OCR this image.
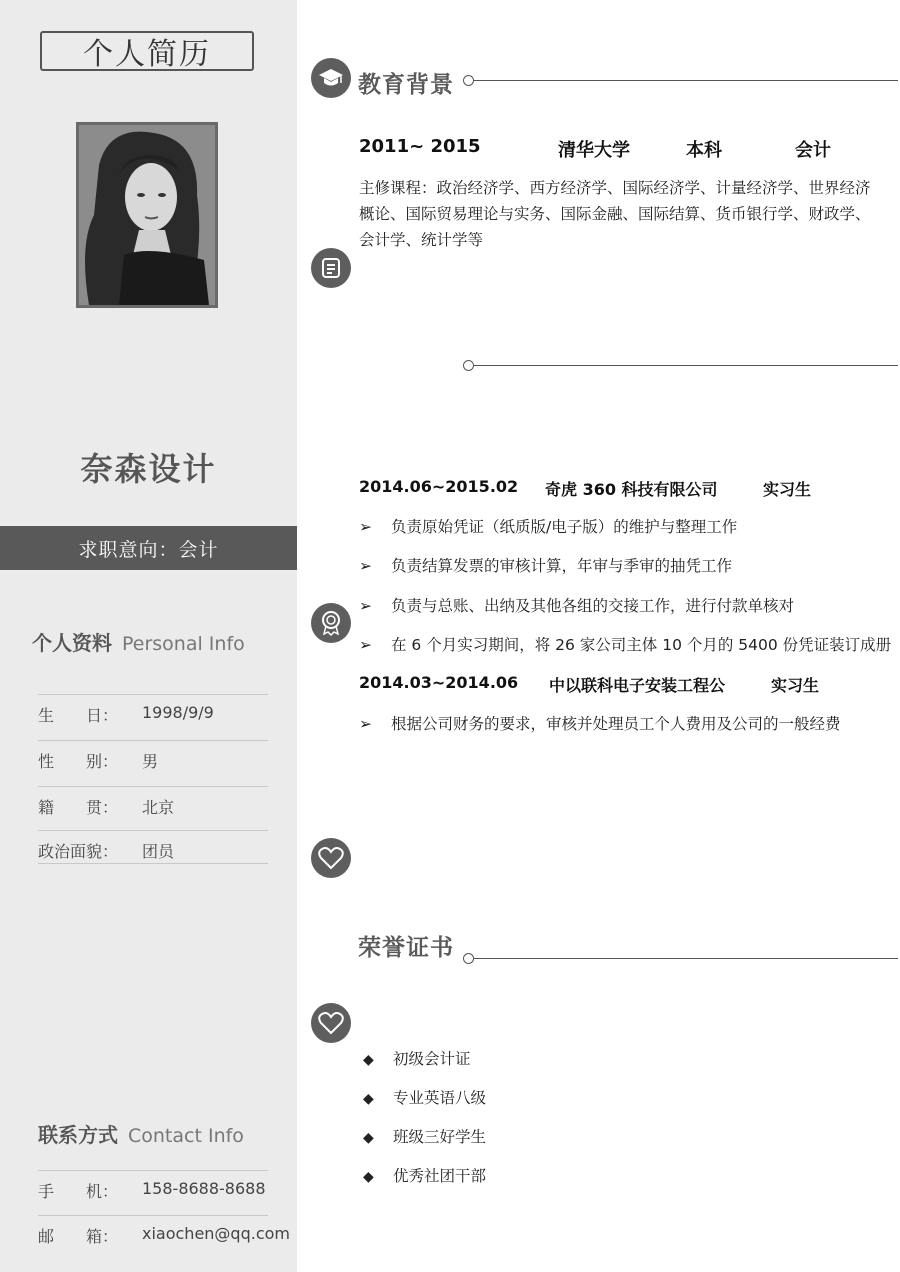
个人简历
奈森设计
求职意向：会计
个人资料 Personal Info
生　　日： 1998/9/9
性　　别： 男
籍　　贯： 北京
政治面貌： 团员
联系方式 Contact Info
手　　机： 158-8688-8688
邮　　箱： xiaochen@qq.com
教育背景
2011~ 2015	清华大学	本科	会计
主修课程：政治经济学、西方经济学、国际经济学、计量经济学、世界经济概论、国际贸易理论与实务、国际金融、国际结算、货币银行学、财政学、会计学、统计学等
2014.06~2015.02 奇虎 360 科技有限公司	实习生
➢ 负责原始凭证（纸质版/电子版）的维护与整理工作
➢ 负责结算发票的审核计算，年审与季审的抽凭工作
➢ 负责与总账、出纳及其他各组的交接工作，进行付款单核对
➢ 在 6 个月实习期间，将 26 家公司主体 10 个月的 5400 份凭证装订成册
2014.03~2014.06 中以联科电子安装工程公	实习生
➢ 根据公司财务的要求，审核并处理员工个人费用及公司的一般经费
荣誉证书
◆ 初级会计证
◆ 专业英语八级
◆ 班级三好学生
◆ 优秀社团干部
